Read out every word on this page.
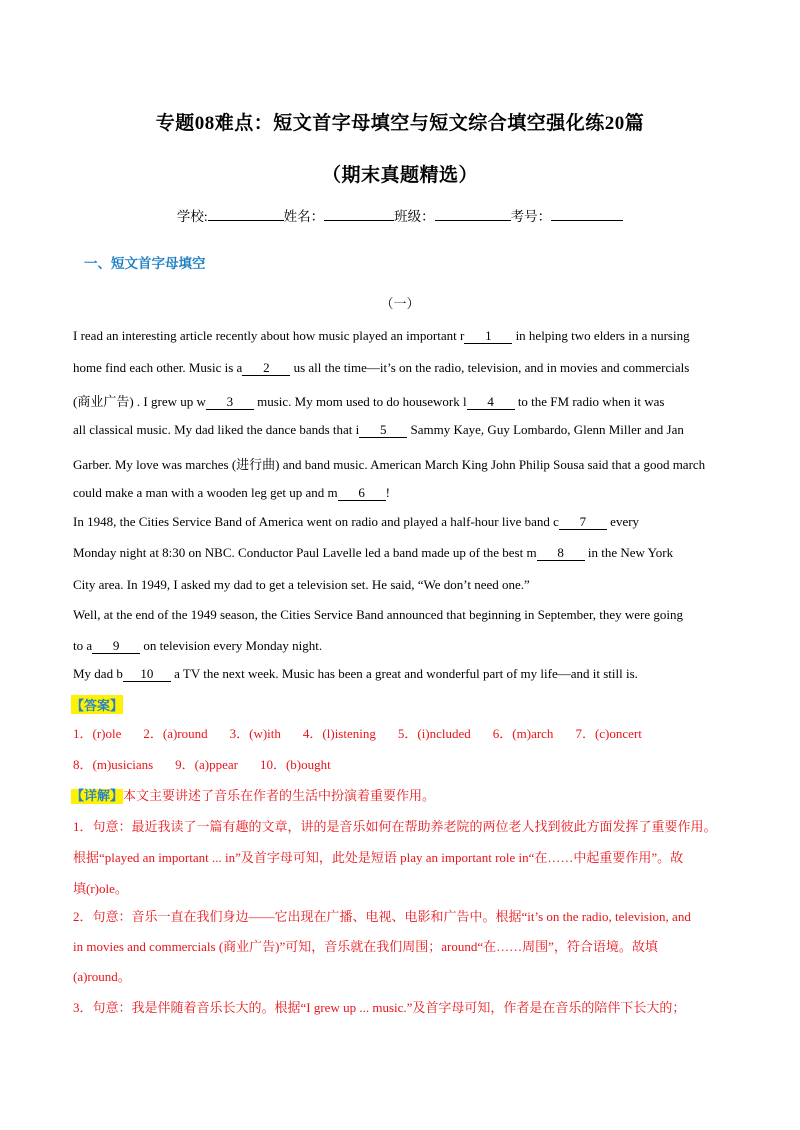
专题08难点：短文首字母填空与短文综合填空强化练20篇
（期末真题精选）
学校:	姓名：	班级：	考号：
一、短文首字母填空
（一）
I read an interesting article recently about how music played an important r 1 in helping two elders in a nursing
home find each other. Music is a 2 us all the time—it’s on the radio, television, and in movies and commercials
(商业广告) . I grew up w 3 music. My mom used to do housework l 4 to the FM radio when it was
all classical music. My dad liked the dance bands that i 5 Sammy Kaye, Guy Lombardo, Glenn Miller and Jan
Garber. My love was marches (进行曲) and band music. American March King John Philip Sousa said that a good march
could make a man with a wooden leg get up and m 6 !
In 1948, the Cities Service Band of America went on radio and played a half-hour live band c 7 every
Monday night at 8:30 on NBC. Conductor Paul Lavelle led a band made up of the best m 8 in the New York
City area. In 1949, I asked my dad to get a television set. He said, “We don’t need one.”
Well, at the end of the 1949 season, the Cities Service Band announced that beginning in September, they were going
to a 9 on television every Monday night.
My dad b 10 a TV the next week. Music has been a great and wonderful part of my life—and it still is.
【答案】
1．(r)ole 2．(a)round 3．(w)ith 4．(l)istening 5．(i)ncluded 6．(m)arch 7．(c)oncert
8．(m)usicians 9．(a)ppear 10．(b)ought
【详解】本文主要讲述了音乐在作者的生活中扮演着重要作用。
1．句意：最近我读了一篇有趣的文章，讲的是音乐如何在帮助养老院的两位老人找到彼此方面发挥了重要作用。
根据“played an important ... in”及首字母可知，此处是短语 play an important role in“在……中起重要作用”。故
填(r)ole。
2．句意：音乐一直在我们身边——它出现在广播、电视、电影和广告中。根据“it’s on the radio, television, and
in movies and commercials (商业广告)”可知，音乐就在我们周围；around“在……周围”，符合语境。故填
(a)round。
3．句意：我是伴随着音乐长大的。根据“I grew up ... music.”及首字母可知，作者是在音乐的陪伴下长大的；
